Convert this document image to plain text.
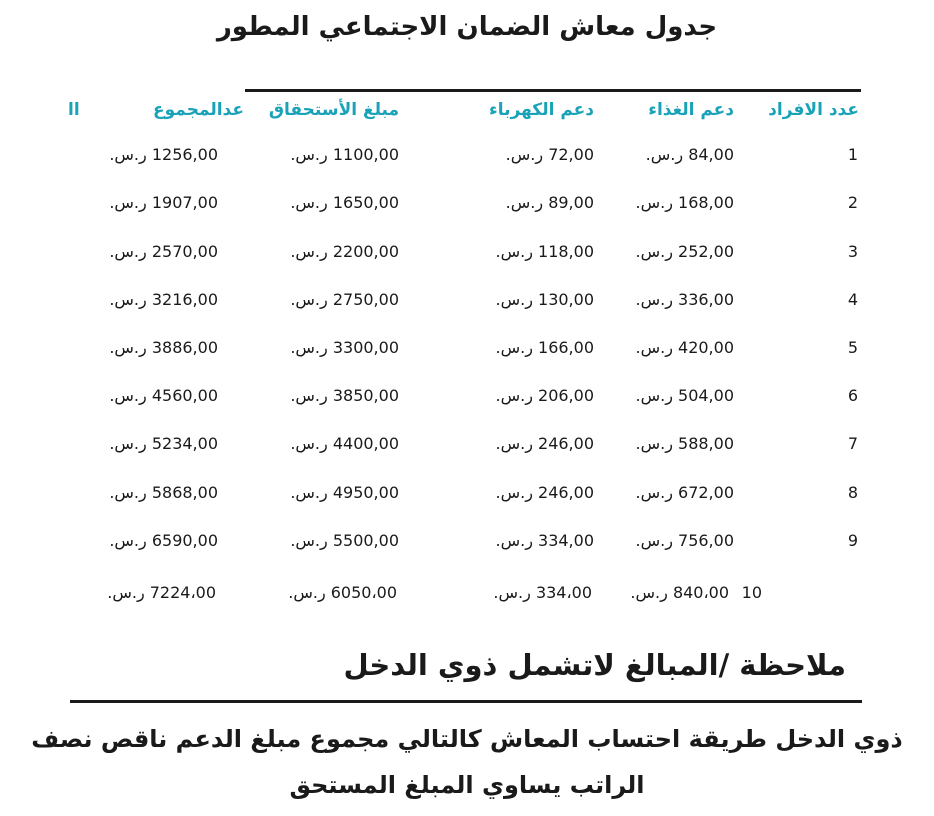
جدول معاش الضمان الاجتماعي المطور
عدد الافراد
دعم الغذاء
دعم الكهرباء
مبلغ الأستحقاق
عدالمجموع
اا
1
84,00 ر.س.
72,00 ر.س.
1100,00 ر.س.
1256,00 ر.س.
2
168,00 ر.س.
89,00 ر.س.
1650,00 ر.س.
1907,00 ر.س.
3
252,00 ر.س.
118,00 ر.س.
2200,00 ر.س.
2570,00 ر.س.
4
336,00 ر.س.
130,00 ر.س.
2750,00 ر.س.
3216,00 ر.س.
5
420,00 ر.س.
166,00 ر.س.
3300,00 ر.س.
3886,00 ر.س.
6
504,00 ر.س.
206,00 ر.س.
3850,00 ر.س.
4560,00 ر.س.
7
588,00 ر.س.
246,00 ر.س.
4400,00 ر.س.
5234,00 ر.س.
8
672,00 ر.س.
246,00 ر.س.
4950,00 ر.س.
5868,00 ر.س.
9
756,00 ر.س.
334,00 ر.س.
5500,00 ر.س.
6590,00 ر.س.
10
840،00 ر.س.
334،00 ر.س.
6050،00 ر.س.
7224،00 ر.س.
ملاحظة /المبالغ لاتشمل ذوي الدخل
ذوي الدخل طريقة احتساب المعاش كالتالي مجموع مبلغ الدعم ناقص نصف
الراتب يساوي المبلغ المستحق
